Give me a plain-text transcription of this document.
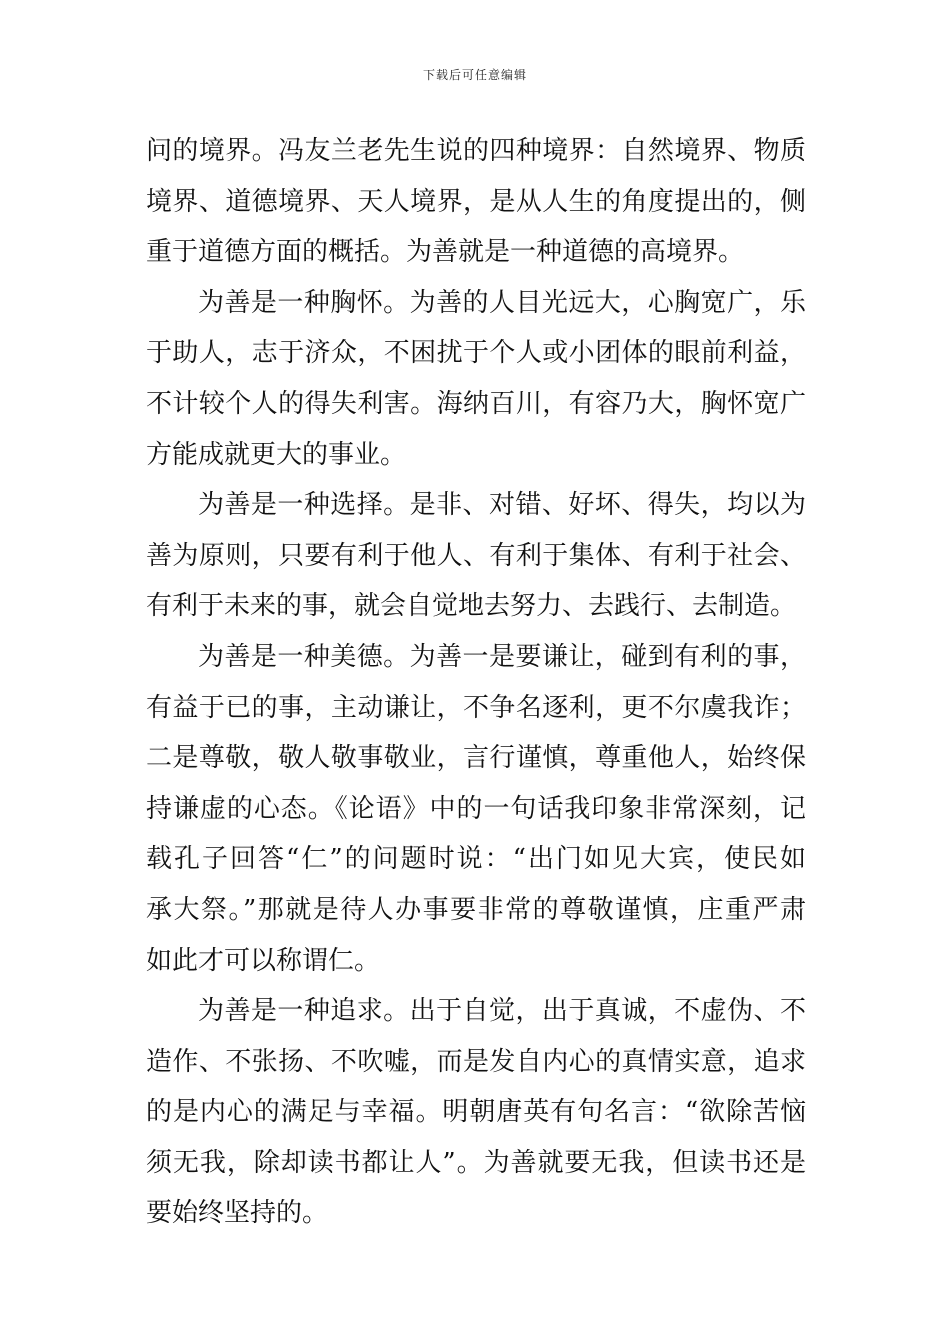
下载后可任意编辑
问的境界。冯友兰老先生说的四种境界：自然境界、物质
境界、道德境界、天人境界，是从人生的角度提出的，侧
重于道德方面的概括。为善就是一种道德的高境界。
为善是一种胸怀。为善的人目光远大，心胸宽广，乐
于助人，志于济众，不困扰于个人或小团体的眼前利益，
不计较个人的得失利害。海纳百川，有容乃大，胸怀宽广
方能成就更大的事业。
为善是一种选择。是非、对错、好坏、得失，均以为
善为原则，只要有利于他人、有利于集体、有利于社会、
有利于未来的事，就会自觉地去努力、去践行、去制造。
为善是一种美德。为善一是要谦让，碰到有利的事，
有益于已的事，主动谦让，不争名逐利，更不尔虞我诈；
二是尊敬，敬人敬事敬业，言行谨慎，尊重他人，始终保
持谦虚的心态。《论语》中的一句话我印象非常深刻，记
载孔子回答“仁”的问题时说：“出门如见大宾，使民如
承大祭。”那就是待人办事要非常的尊敬谨慎，庄重严肃
如此才可以称谓仁。
为善是一种追求。出于自觉，出于真诚，不虚伪、不
造作、不张扬、不吹嘘，而是发自内心的真情实意，追求
的是内心的满足与幸福。明朝唐英有句名言：“欲除苦恼
须无我，除却读书都让人”。为善就要无我，但读书还是
要始终坚持的。
